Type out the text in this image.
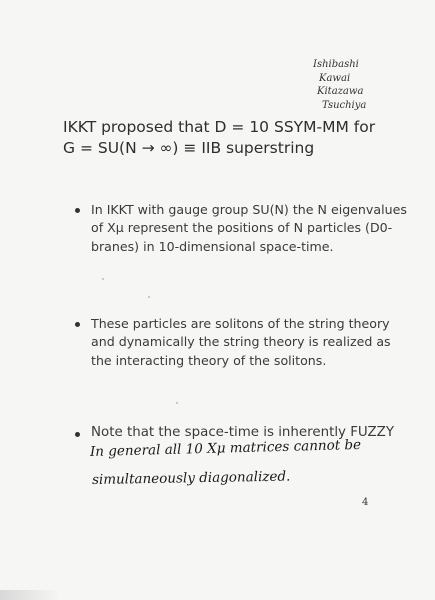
Ishibashi
Kawai
Kitazawa
Tsuchiya
IKKT proposed that D = 10 SSYM-MM for
G = SU(N → ∞) ≡ IIB superstring
In IKKT with gauge group SU(N) the N eigenvalues of Xμ represent the positions of N particles (D0-branes) in 10-dimensional space-time.
These particles are solitons of the string theory and dynamically the string theory is realized as the interacting theory of the solitons.
Note that the space-time is inherently FUZZY
In general all 10 Xμ matrices cannot be
simultaneously diagonalized.
4
